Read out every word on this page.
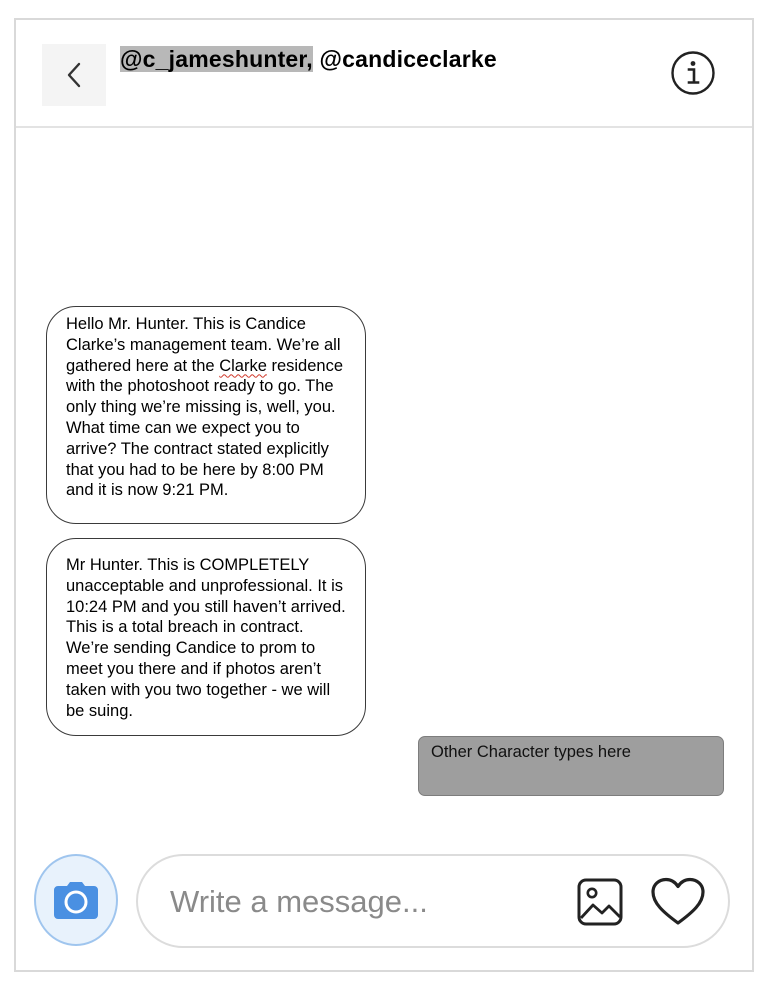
@c_jameshunter, @candiceclarke
Hello Mr. Hunter. This is Candice Clarke’s management team. We’re all gathered here at the Clarke residence with the photoshoot ready to go. The only thing we’re missing is, well, you. What time can we expect you to arrive? The contract stated explicitly that you had to be here by 8:00 PM and it is now 9:21 PM.
Mr Hunter. This is COMPLETELY unacceptable and unprofessional. It is 10:24 PM and you still haven’t arrived. This is a total breach in contract. We’re sending Candice to prom to meet you there and if photos aren’t taken with you two together - we will be suing.
Other Character types here
Write a message...
